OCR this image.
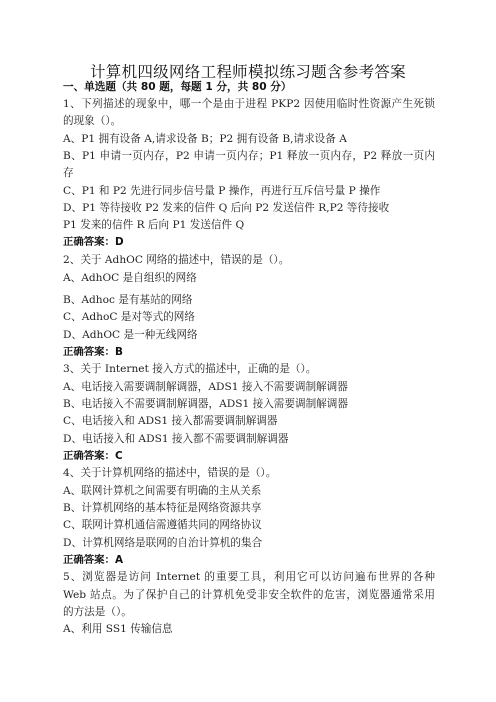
计算机四级网络工程师模拟练习题含参考答案
一、单选题（共 80 题，每题 1 分，共 80 分）
1、下列描述的现象中，哪一个是由于进程 PKP2 因使用临时性资源产生死锁
的现象（）。
A、P1 拥有设备 A,请求设备 B；P2 拥有设备 B,请求设备 A
B、P1 申请一页内存，P2 申请一页内存；P1 释放一页内存，P2 释放一页内
存
C、P1 和 P2 先进行同步信号量 P 操作，再进行互斥信号量 P 操作
D、P1 等待接收 P2 发来的信件 Q 后向 P2 发送信件 R,P2 等待接收
P1 发来的信件 R 后向 P1 发送信件 Q
正确答案：D
2、关于 AdhOC 网络的描述中，错误的是（）。
A、AdhOC 是自组织的网络
B、Adhoc 是有基站的网络
C、AdhoC 是对等式的网络
D、AdhOC 是一种无线网络
正确答案：B
3、关于 Internet 接入方式的描述中，正确的是（）。
A、电话接入需要调制解调器，ADS1 接入不需要调制解调器
B、电话接入不需要调制解调器，ADS1 接入需要调制解调器
C、电话接入和 ADS1 接入都需要调制解调器
D、电话接入和 ADS1 接入都不需要调制解调器
正确答案：C
4、关于计算机网络的描述中，错误的是（）。
A、联网计算机之间需要有明确的主从关系
B、计算机网络的基本特征是网络资源共享
C、联网计算机通信需遵循共同的网络协议
D、计算机网络是联网的自治计算机的集合
正确答案：A
5、浏览器是访问 Internet 的重要工具，利用它可以访问遍布世界的各种
Web 站点。为了保护自己的计算机免受非安全软件的危害，浏览器通常采用
的方法是（）。
A、利用 SS1 传输信息
